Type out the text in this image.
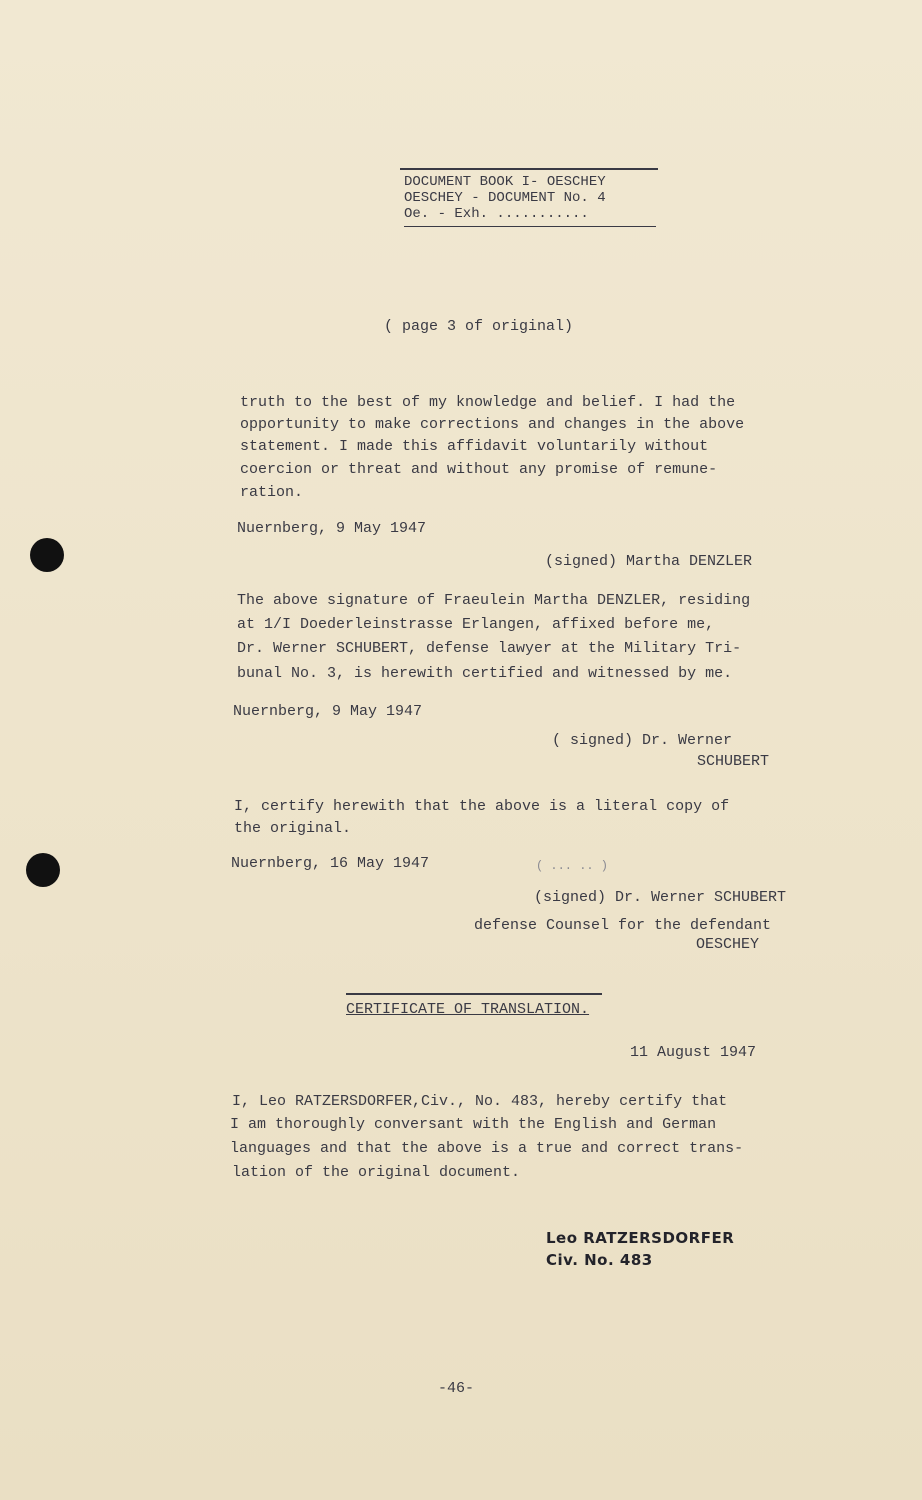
DOCUMENT BOOK I- OESCHEY
OESCHEY - DOCUMENT No. 4
Oe. - Exh. ...........
( page 3 of original)
truth to the best of my knowledge and belief. I had the
opportunity to make corrections and changes in the above
statement. I made this affidavit voluntarily without
coercion or threat and without any promise of remune-
ration.
Nuernberg, 9 May 1947
(signed) Martha DENZLER
The above signature of Fraeulein Martha DENZLER, residing
at 1/I Doederleinstrasse Erlangen, affixed before me,
Dr. Werner SCHUBERT, defense lawyer at the Military Tri-
bunal No. 3, is herewith certified and witnessed by me.
Nuernberg, 9 May 1947
( signed) Dr. Werner
SCHUBERT
I, certify herewith that the above is a literal copy of
the original.
Nuernberg, 16 May 1947	( ... .. )
(signed) Dr. Werner SCHUBERT
defense Counsel for the defendant
OESCHEY
CERTIFICATE OF TRANSLATION.
11 August 1947
I, Leo RATZERSDORFER,Civ., No. 483, hereby certify that
I am thoroughly conversant with the English and German
languages and that the above is a true and correct trans-
lation of the original document.
Leo RATZERSDORFER
Civ. No. 483
-46-
